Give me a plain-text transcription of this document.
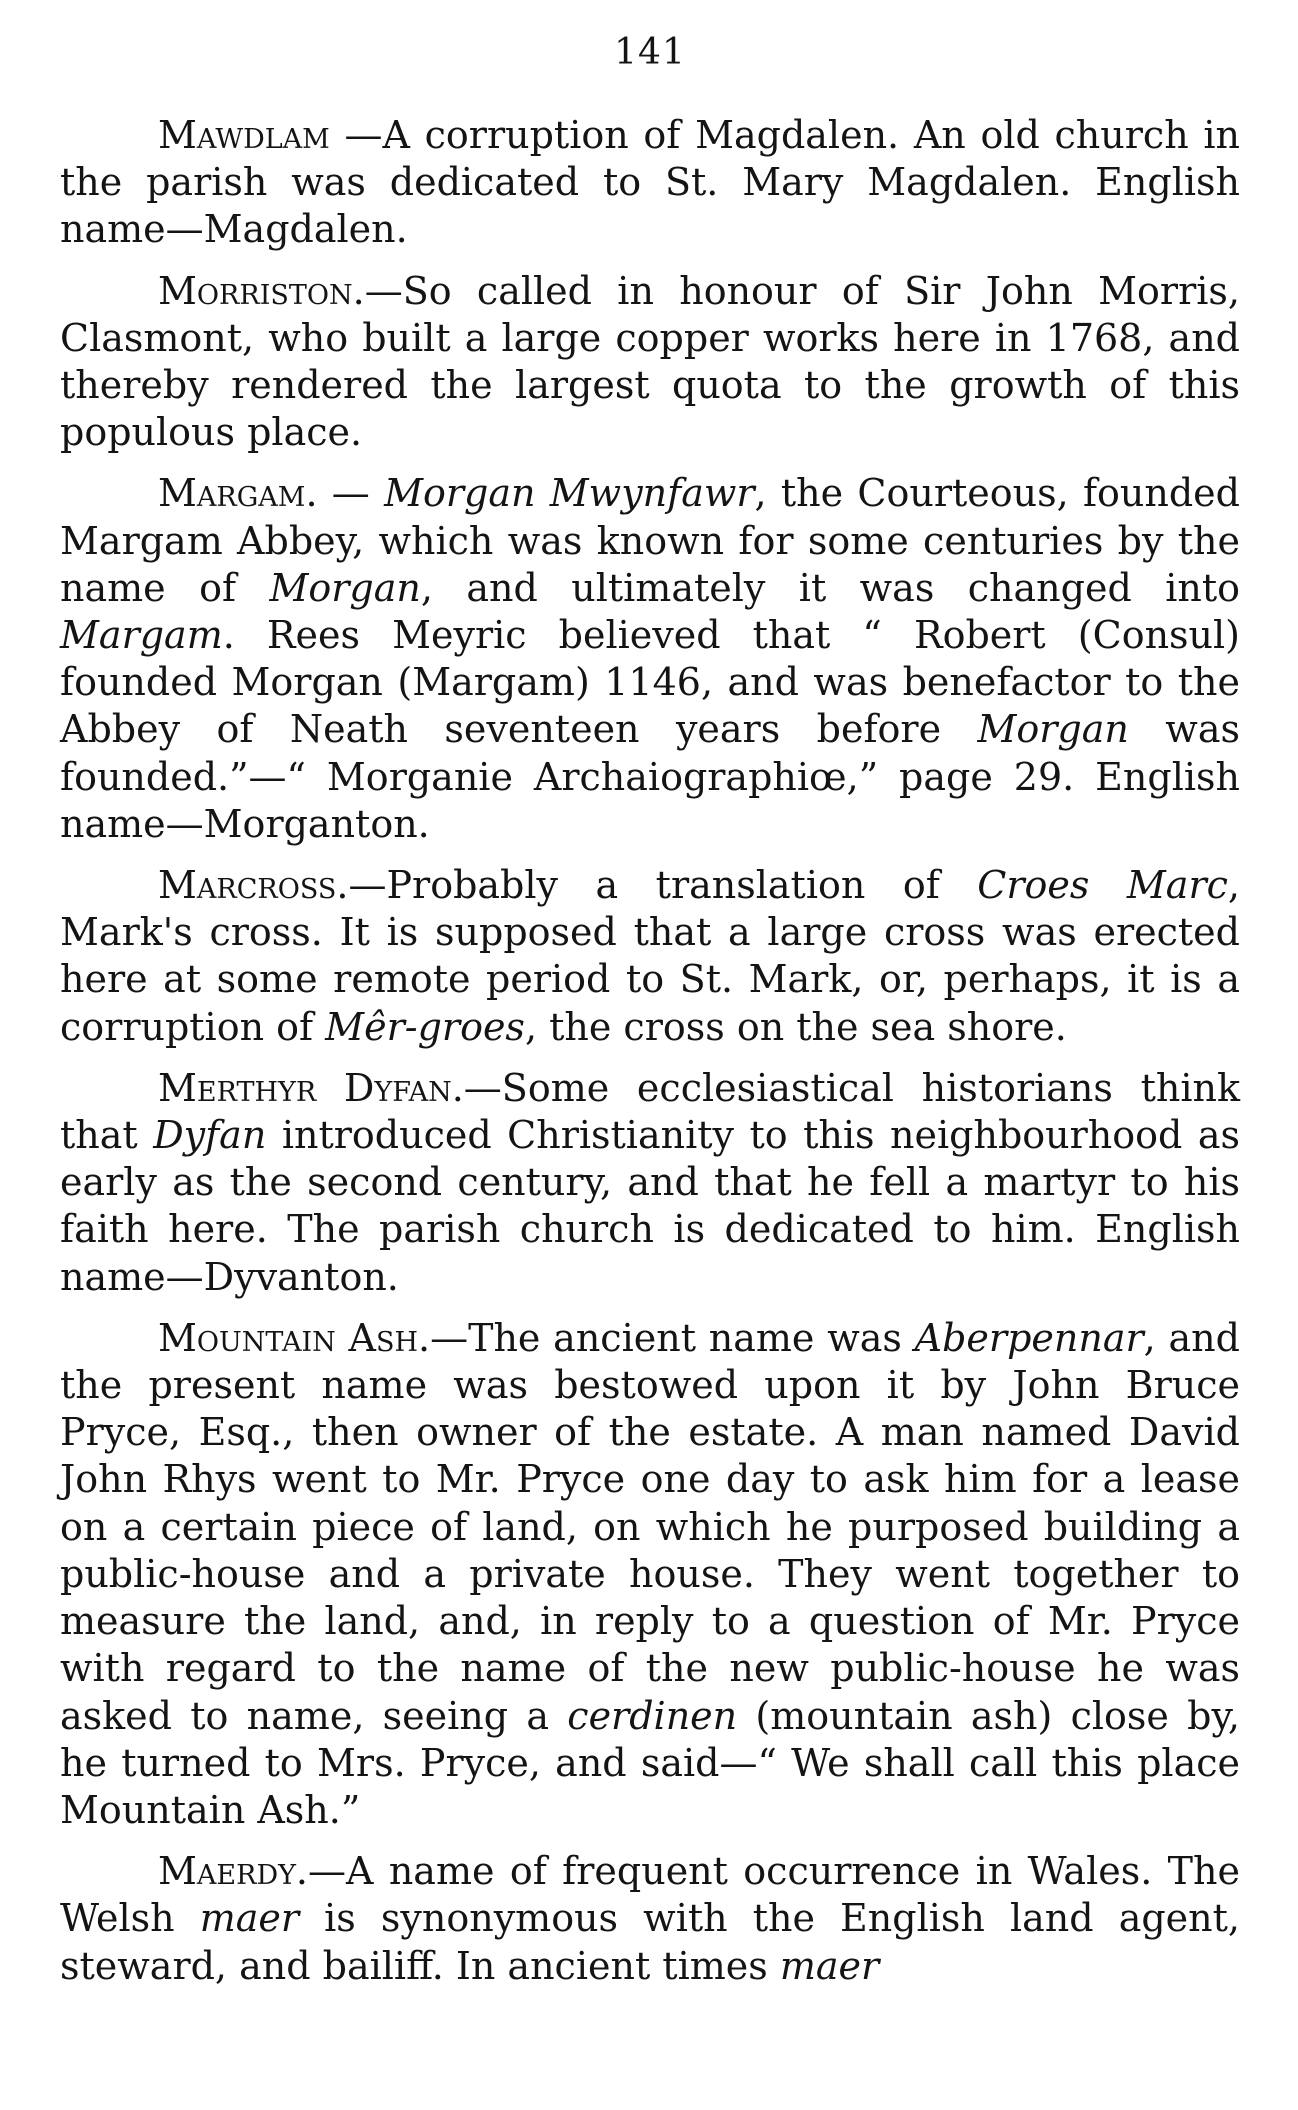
141

Mawdlam —A corruption of Magdalen. An old church in the parish was dedicated to St. Mary Magdalen. English name—Magdalen.

Morriston.—So called in honour of Sir John Morris, Clasmont, who built a large copper works here in 1768, and thereby rendered the largest quota to the growth of this populous place.

Margam. — Morgan Mwynfawr, the Courteous, founded Margam Abbey, which was known for some centuries by the name of Morgan, and ultimately it was changed into Margam. Rees Meyric believed that “ Robert (Consul) founded Morgan (Margam) 1146, and was benefactor to the Abbey of Neath seventeen years before Morgan was founded.”—“ Morganie Archaiographiœ,” page 29. English name—Morganton.

Marcross.—Probably a translation of Croes Marc, Mark's cross. It is supposed that a large cross was erected here at some remote period to St. Mark, or, perhaps, it is a corruption of Mêr-groes, the cross on the sea shore.

Merthyr Dyfan.—Some ecclesiastical historians think that Dyfan introduced Christianity to this neighbourhood as early as the second century, and that he fell a martyr to his faith here. The parish church is dedicated to him. English name—Dyvanton.

Mountain Ash.—The ancient name was Aberpennar, and the present name was bestowed upon it by John Bruce Pryce, Esq., then owner of the estate. A man named David John Rhys went to Mr. Pryce one day to ask him for a lease on a certain piece of land, on which he purposed building a public-house and a private house. They went together to measure the land, and, in reply to a question of Mr. Pryce with regard to the name of the new public-house he was asked to name, seeing a cerdinen (mountain ash) close by, he turned to Mrs. Pryce, and said—“ We shall call this place Mountain Ash.”

Maerdy.—A name of frequent occurrence in Wales. The Welsh maer is synonymous with the English land agent, steward, and bailiff. In ancient times maer
